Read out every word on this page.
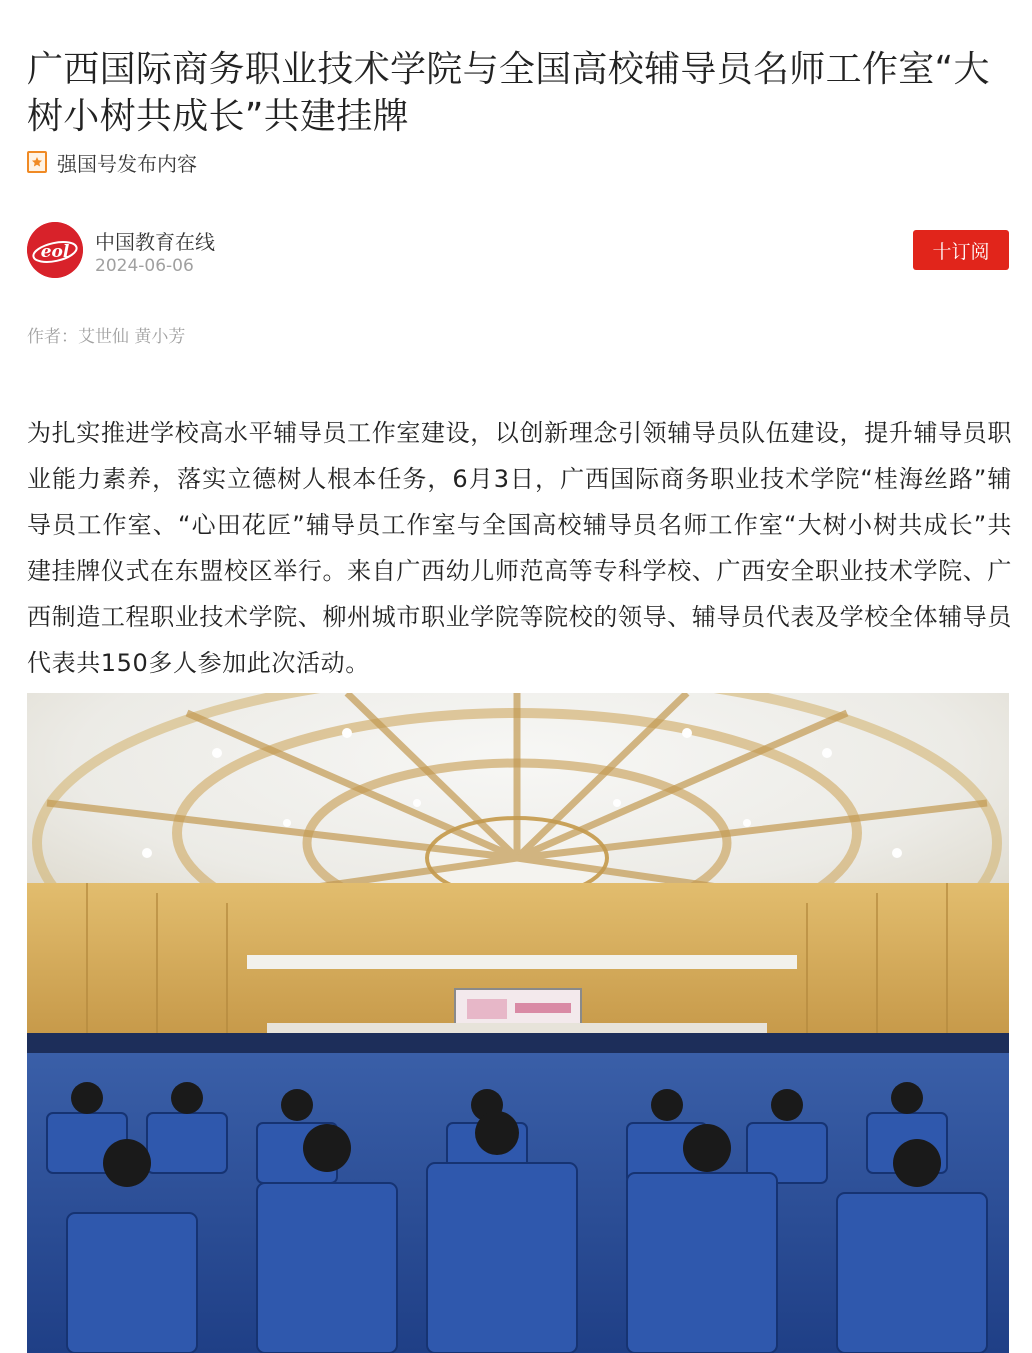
广西国际商务职业技术学院与全国高校辅导员名师工作室“大树小树共成长”共建挂牌
强国号发布内容
eol 中国教育在线
2024-06-06
十订阅
作者：艾世仙 黄小芳

为扎实推进学校高水平辅导员工作室建设，以创新理念引领辅导员队伍建设，提升辅导员职业能力素养，落实立德树人根本任务，6月3日，广西国际商务职业技术学院“桂海丝路”辅导员工作室、“心田花匠”辅导员工作室与全国高校辅导员名师工作室“大树小树共成长”共建挂牌仪式在东盟校区举行。来自广西幼儿师范高等专科学校、广西安全职业技术学院、广西制造工程职业技术学院、柳州城市职业学院等院校的领导、辅导员代表及学校全体辅导员代表共150多人参加此次活动。
